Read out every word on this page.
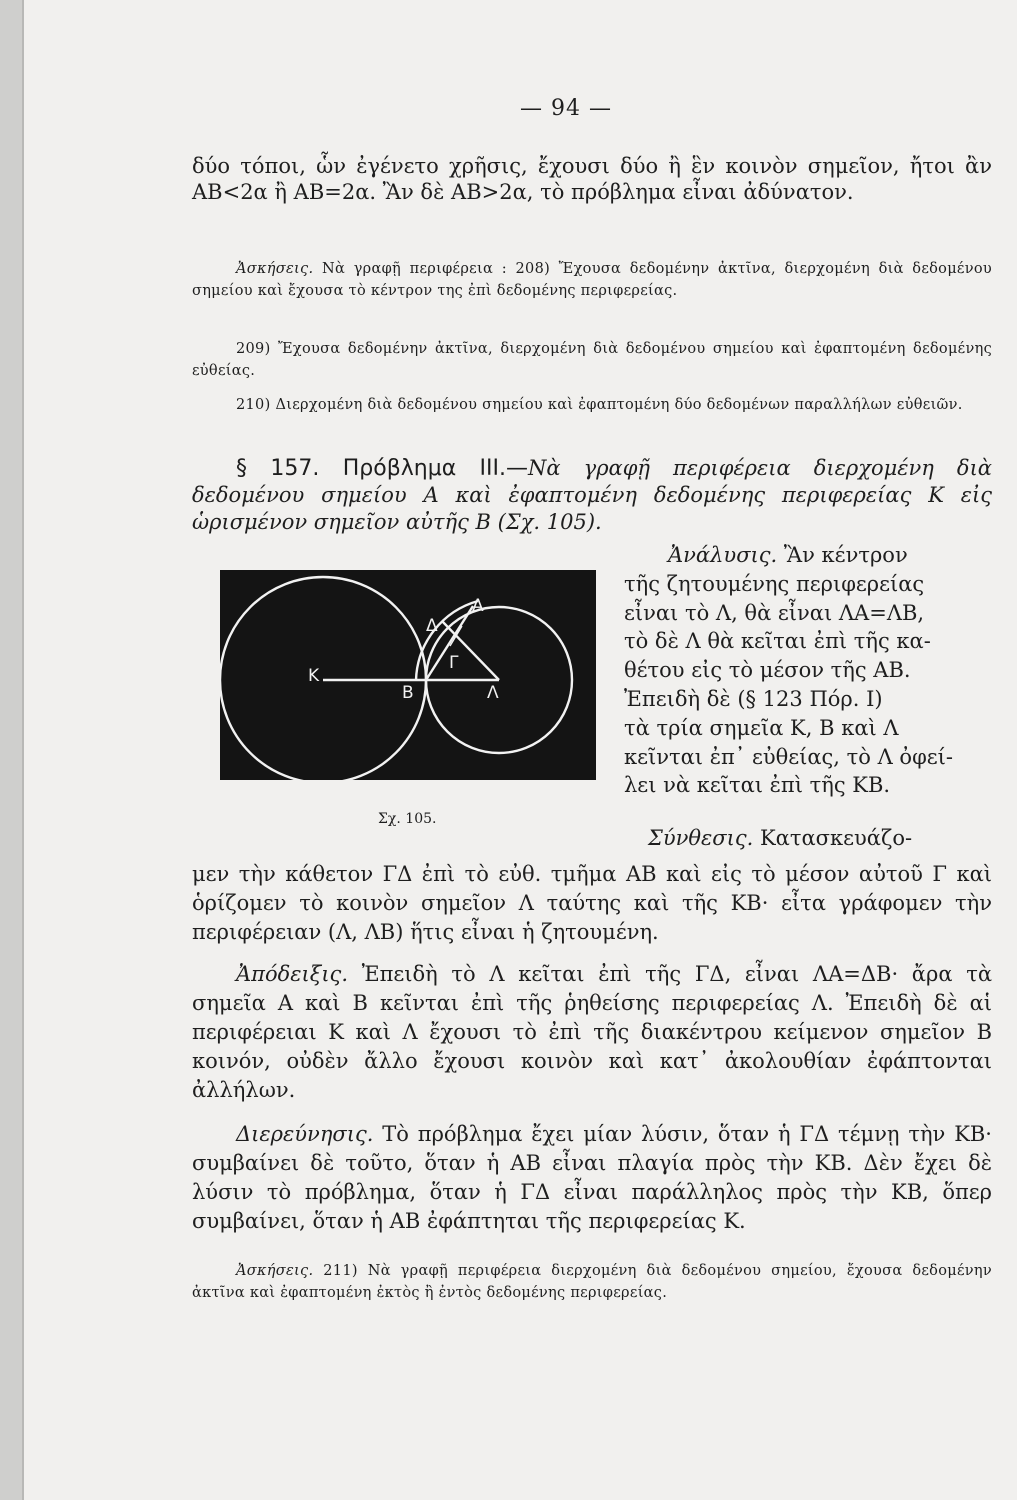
— 94 —
δύο τόποι, ὧν ἐγένετο χρῆσις, ἔχουσι δύο ἢ ἓν κοινὸν σημεῖον, ἤτοι ἂν ΑΒ<2α ἢ ΑΒ=2α. Ἂν δὲ ΑΒ>2α, τὸ πρόβλημα εἶναι ἀδύνατον.
Ἀσκήσεις. Νὰ γραφῇ περιφέρεια : 208) Ἔχουσα δεδομένην ἀκτῖνα, διερχομένη διὰ δεδομένου σημείου καὶ ἔχουσα τὸ κέντρον της ἐπὶ δεδομένης περιφερείας.
209) Ἔχουσα δεδομένην ἀκτῖνα, διερχομένη διὰ δεδομένου σημείου καὶ ἐφαπτομένη δεδομένης εὐθείας.
210) Διερχομένη διὰ δεδομένου σημείου καὶ ἐφαπτομένη δύο δεδομένων παραλλήλων εὐθειῶν.
§ 157. Πρόβλημα ΙΙΙ.—Νὰ γραφῇ περιφέρεια διερχομένη διὰ δεδομένου σημείου Α καὶ ἐφαπτομένη δεδομένης περιφερείας Κ εἰς ὡρισμένον σημεῖον αὐτῆς Β (Σχ. 105).
Ἀνάλυσις. Ἂν κέντρον
τῆς ζητουμένης περιφερείας
εἶναι τὸ Λ, θὰ εἶναι ΛΑ=ΛΒ,
τὸ δὲ Λ θὰ κεῖται ἐπὶ τῆς κα-
θέτου εἰς τὸ μέσον τῆς ΑΒ.
Ἐπειδὴ δὲ (§ 123 Πόρ. Ι)
τὰ τρία σημεῖα Κ, Β καὶ Λ
κεῖνται ἐπ᾽ εὐθείας, τὸ Λ ὀφεί-
λει νὰ κεῖται ἐπὶ τῆς ΚΒ.
Κ
Β
Α
Δ
Γ
Λ
Σχ. 105.
Σύνθεσις. Κατασκευάζο-
μεν τὴν κάθετον ΓΔ ἐπὶ τὸ εὐθ. τμῆμα ΑΒ καὶ εἰς τὸ μέσον αὐτοῦ Γ καὶ ὁρίζομεν τὸ κοινὸν σημεῖον Λ ταύτης καὶ τῆς ΚΒ· εἶτα γράφομεν τὴν περιφέρειαν (Λ, ΛΒ) ἥτις εἶναι ἡ ζητουμένη.
Ἀπόδειξις. Ἐπειδὴ τὸ Λ κεῖται ἐπὶ τῆς ΓΔ, εἶναι ΛΑ=ΔΒ· ἄρα τὰ σημεῖα Α καὶ Β κεῖνται ἐπὶ τῆς ῥηθείσης περιφερείας Λ. Ἐπειδὴ δὲ αἱ περιφέρειαι Κ καὶ Λ ἔχουσι τὸ ἐπὶ τῆς διακέντρου κείμενον σημεῖον Β κοινόν, οὐδὲν ἄλλο ἔχουσι κοινὸν καὶ κατ᾽ ἀκολουθίαν ἐφάπτονται ἀλλήλων.
Διερεύνησις. Τὸ πρόβλημα ἔχει μίαν λύσιν, ὅταν ἡ ΓΔ τέμνῃ τὴν ΚΒ· συμβαίνει δὲ τοῦτο, ὅταν ἡ ΑΒ εἶναι πλαγία πρὸς τὴν ΚΒ. Δὲν ἔχει δὲ λύσιν τὸ πρόβλημα, ὅταν ἡ ΓΔ εἶναι παράλληλος πρὸς τὴν ΚΒ, ὅπερ συμβαίνει, ὅταν ἡ ΑΒ ἐφάπτηται τῆς περιφερείας Κ.
Ἀσκήσεις. 211) Νὰ γραφῇ περιφέρεια διερχομένη διὰ δεδομένου σημείου, ἔχουσα δεδομένην ἀκτῖνα καὶ ἐφαπτομένη ἐκτὸς ἢ ἐντὸς δεδομένης περιφερείας.
